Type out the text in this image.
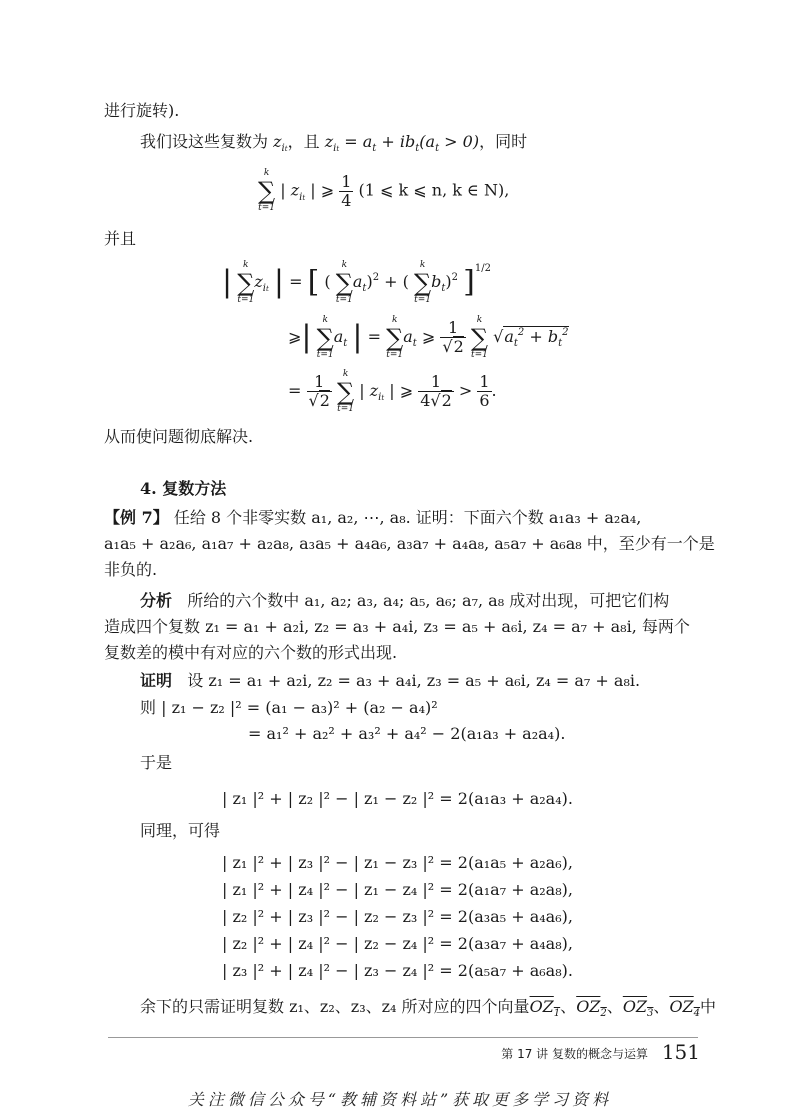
进行旋转).
我们设这些复数为 $z_{it}$，且 $z_{it} = a_t + ib_t(a_t > 0)$，同时
k
∑
t=1
| $z_{it}$ | ⩾ $\frac{1}{4} (1$ ⩽ k ⩽ n, k ∈ N),
并且
|	k
∑
t=1
$z_{it}$ | = [ (
k
∑
t=1
$a_t)^2$ + (
k
∑
t=1
$b_t)^2$ ]$^{1/2}$
⩾|	k
∑
t=1
$a_t$ | =
k
∑
t=1
$a_t$ ⩾ $\frac{1}{√2}$
	k
∑
t=1
$√a_t^2 + b_t^2$
= $\frac{1}{√2}$
	k
∑
t=1
| $z_{it}$ | ⩾ $\frac{1}{4√2} > \frac{1}{6}$ .
从而使问题彻底解决.
4. 复数方法
【例 7】 任给 8 个非零实数 a₁, a₂, ⋯, a₈. 证明：下面六个数 a₁a₃ + a₂a₄,
a₁a₅ + a₂a₆, a₁a₇ + a₂a₈, a₃a₅ + a₄a₆, a₃a₇ + a₄a₈, a₅a₇ + a₆a₈ 中，至少有一个是
非负的.
分析 所给的六个数中 a₁, a₂; a₃, a₄; a₅, a₆; a₇, a₈ 成对出现，可把它们构
造成四个复数 z₁ = a₁ + a₂i, z₂ = a₃ + a₄i, z₃ = a₅ + a₆i, z₄ = a₇ + a₈i, 每两个
复数差的模中有对应的六个数的形式出现.
证明 设 z₁ = a₁ + a₂i, z₂ = a₃ + a₄i, z₃ = a₅ + a₆i, z₄ = a₇ + a₈i.
则 | z₁ − z₂ |² = (a₁ − a₃)² + (a₂ − a₄)²
= a₁² + a₂² + a₃² + a₄² − 2(a₁a₃ + a₂a₄).
于是
| z₁ |² + | z₂ |² − | z₁ − z₂ |² = 2(a₁a₃ + a₂a₄).
同理，可得
| z₁ |² + | z₃ |² − | z₁ − z₃ |² = 2(a₁a₅ + a₂a₆),
| z₁ |² + | z₄ |² − | z₁ − z₄ |² = 2(a₁a₇ + a₂a₈),
| z₂ |² + | z₃ |² − | z₂ − z₃ |² = 2(a₃a₅ + a₄a₆),
| z₂ |² + | z₄ |² − | z₂ − z₄ |² = 2(a₃a₇ + a₄a₈),
| z₃ |² + | z₄ |² − | z₃ − z₄ |² = 2(a₅a₇ + a₆a₈).
余下的只需证明复数 z₁、z₂、z₃、z₄ 所对应的四个向量$OZ_1$、$OZ_2$、$OZ_3$、$OZ_4$中
第 17 讲 复数的概念与运算 151
关注微信公众号“教辅资料站”获取更多学习资料
